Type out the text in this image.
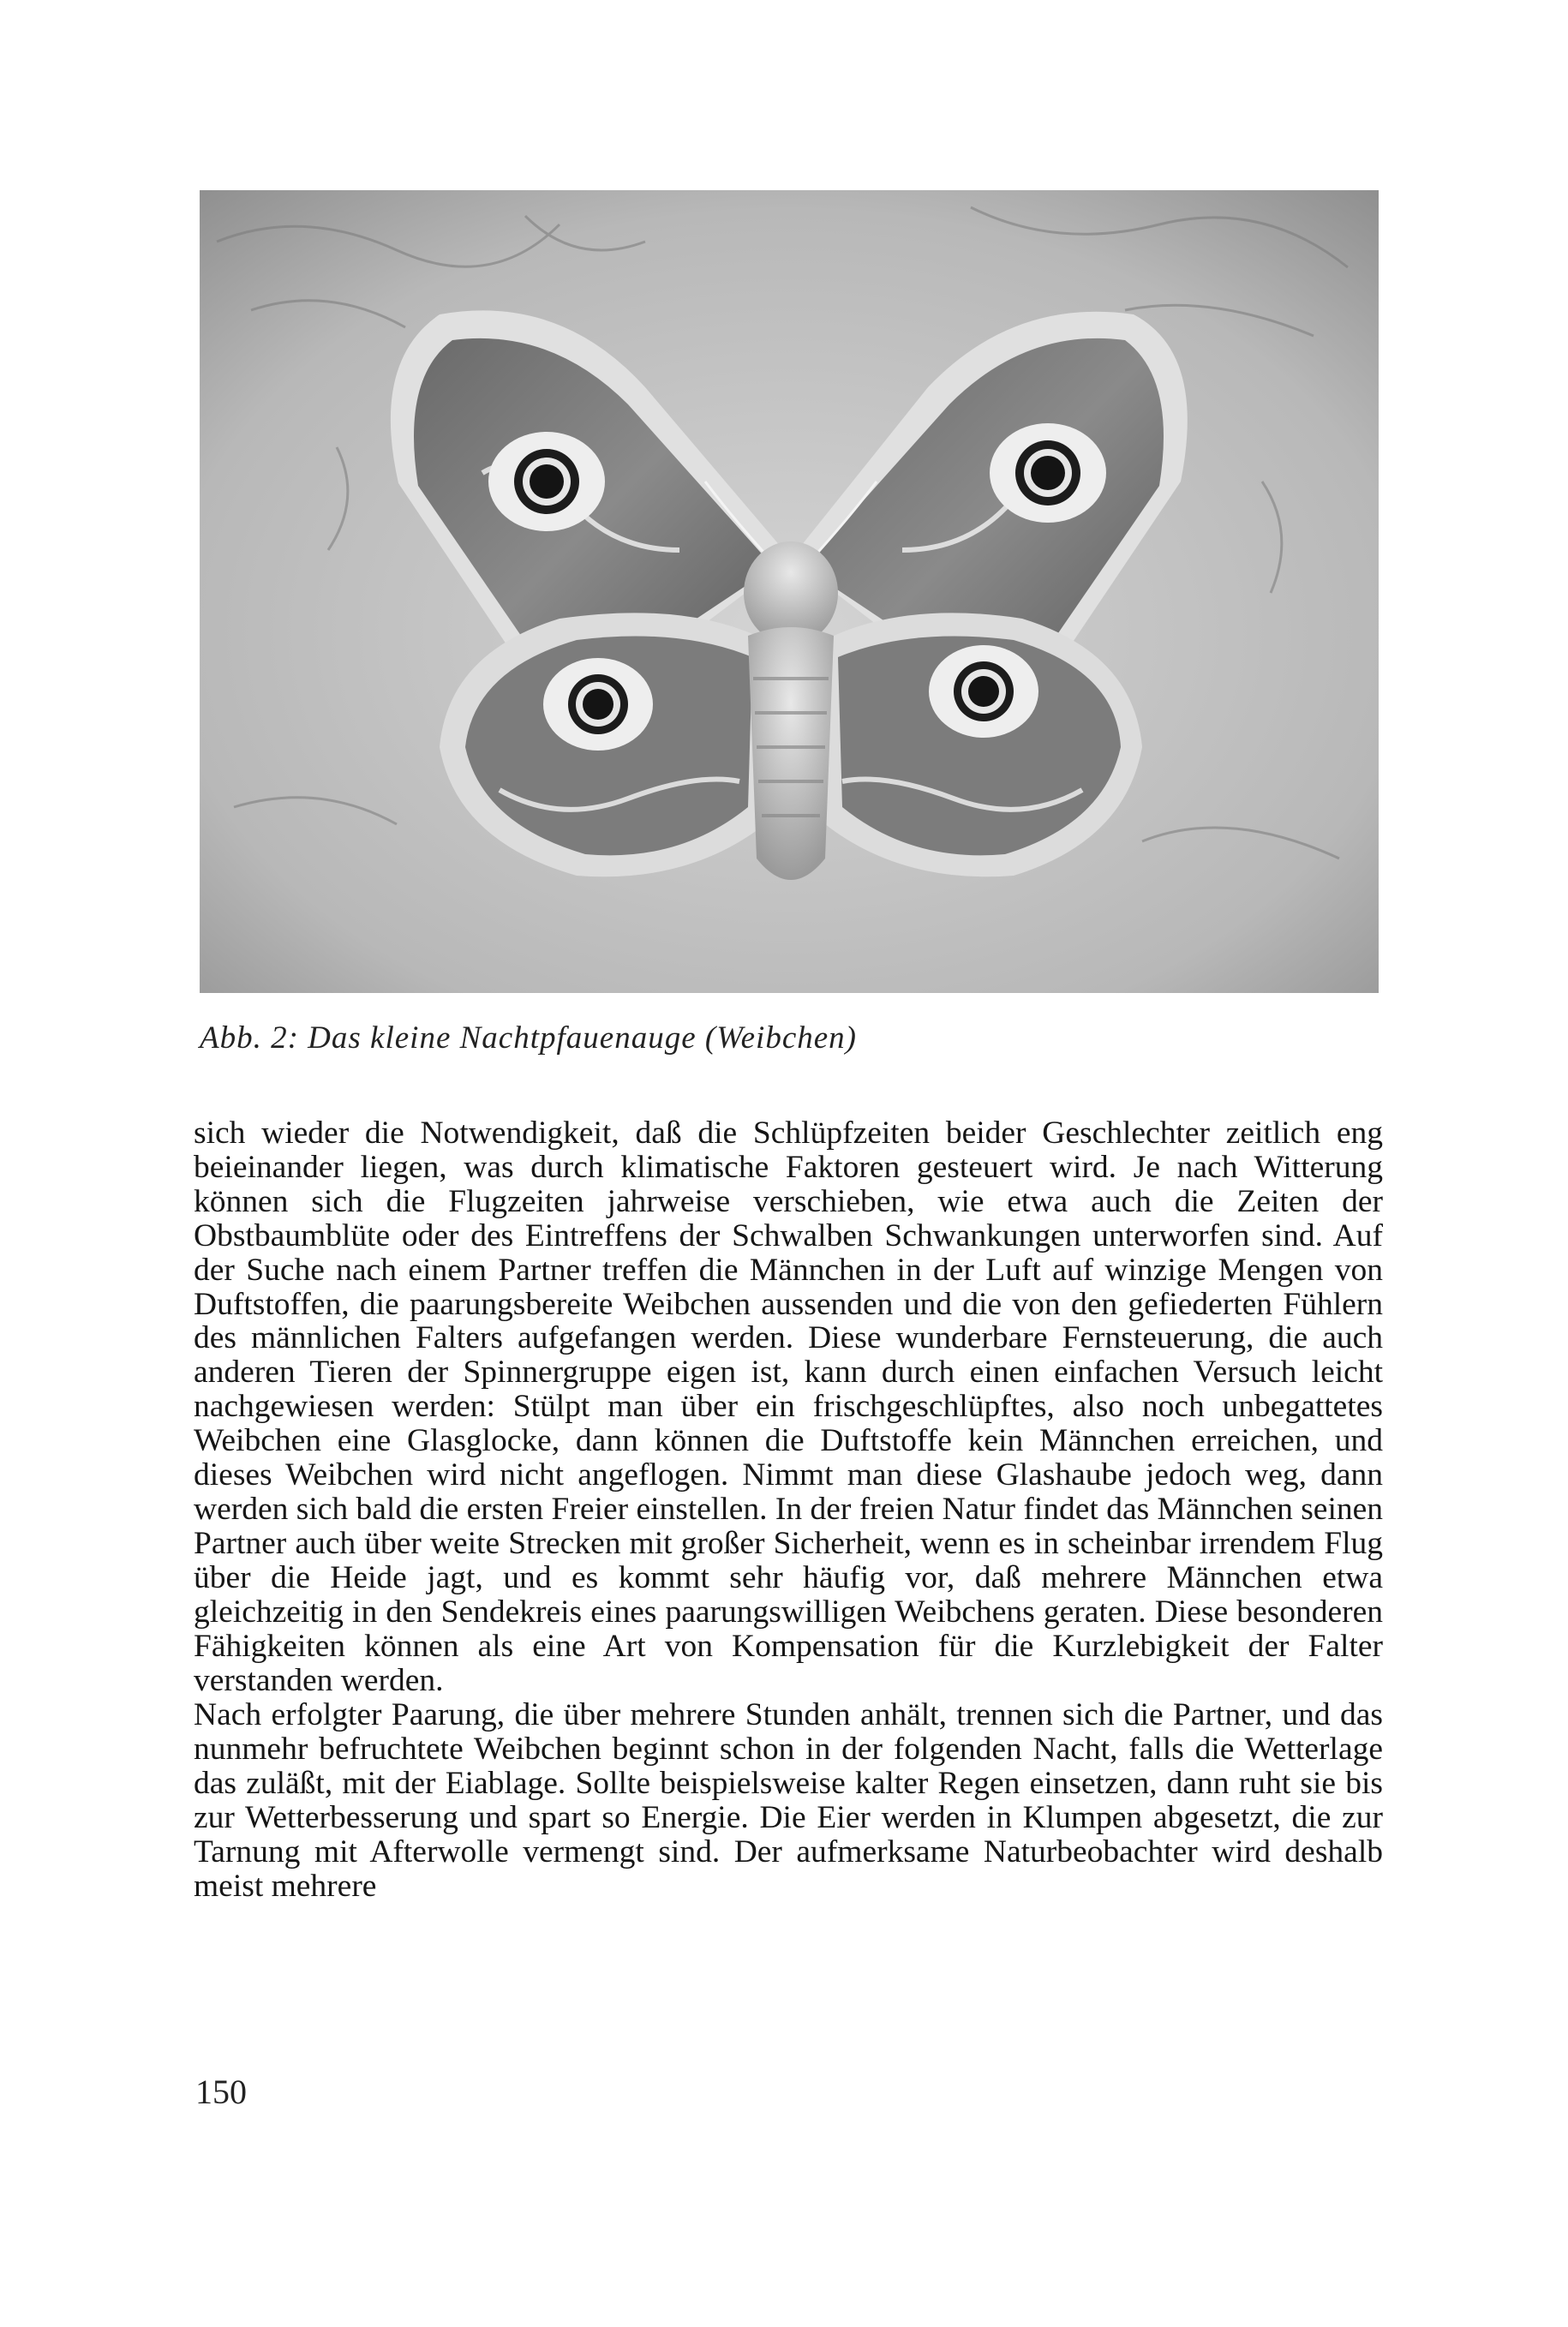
Abb. 2: Das kleine Nachtpfauenauge (Weibchen)

sich wieder die Notwendigkeit, daß die Schlüpfzeiten beider Geschlechter zeitlich eng beieinander liegen, was durch klimatische Faktoren gesteuert wird. Je nach Witterung können sich die Flugzeiten jahrweise verschieben, wie etwa auch die Zeiten der Obstbaumblüte oder des Eintreffens der Schwalben Schwankungen unterworfen sind. Auf der Suche nach einem Partner treffen die Männchen in der Luft auf winzige Mengen von Duftstoffen, die paarungsbereite Weibchen aussenden und die von den gefiederten Fühlern des männlichen Falters aufgefangen werden. Diese wunderbare Fernsteuerung, die auch anderen Tieren der Spinnergruppe eigen ist, kann durch einen einfachen Versuch leicht nachgewiesen werden: Stülpt man über ein frischgeschlüpftes, also noch unbegattetes Weibchen eine Glasglocke, dann können die Duftstoffe kein Männchen erreichen, und dieses Weibchen wird nicht angeflogen. Nimmt man diese Glashaube jedoch weg, dann werden sich bald die ersten Freier einstellen. In der freien Natur findet das Männchen seinen Partner auch über weite Strecken mit großer Sicherheit, wenn es in scheinbar irrendem Flug über die Heide jagt, und es kommt sehr häufig vor, daß mehrere Männchen etwa gleichzeitig in den Sendekreis eines paarungswilligen Weibchens geraten. Diese besonderen Fähigkeiten können als eine Art von Kompensation für die Kurzlebigkeit der Falter verstanden werden.

Nach erfolgter Paarung, die über mehrere Stunden anhält, trennen sich die Partner, und das nunmehr befruchtete Weibchen beginnt schon in der folgenden Nacht, falls die Wetterlage das zuläßt, mit der Eiablage. Sollte beispielsweise kalter Regen einsetzen, dann ruht sie bis zur Wetterbesserung und spart so Energie. Die Eier werden in Klumpen abgesetzt, die zur Tarnung mit Afterwolle vermengt sind. Der aufmerksame Naturbeobachter wird deshalb meist mehrere

150
